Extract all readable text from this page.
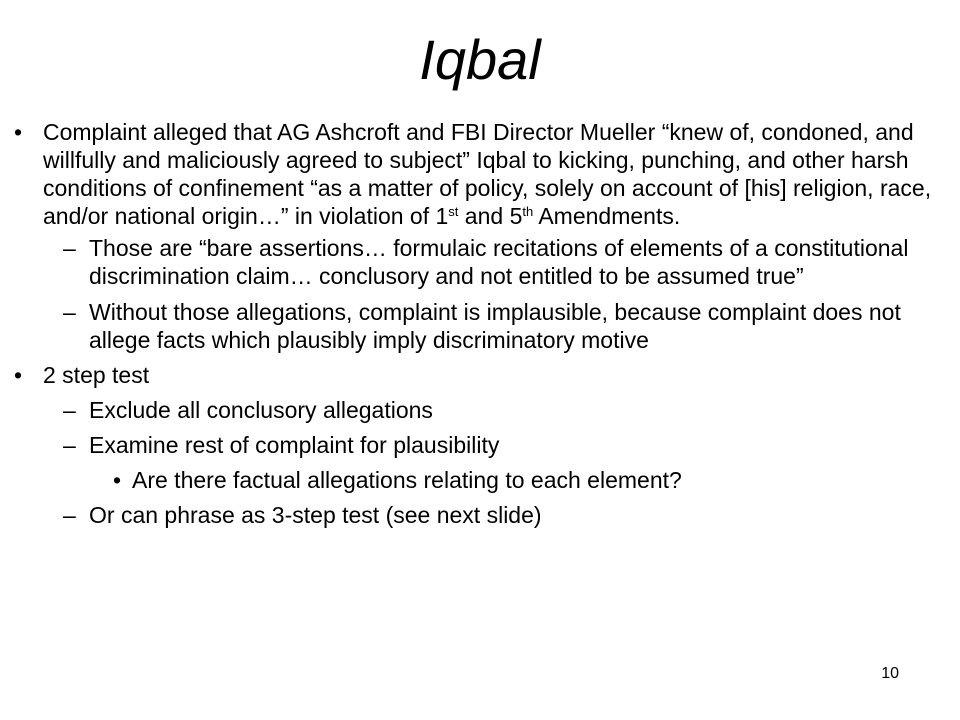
Iqbal
• Complaint alleged that AG Ashcroft and FBI Director Mueller “knew of, condoned, and willfully and maliciously agreed to subject” Iqbal to kicking, punching, and other harsh conditions of confinement “as a matter of policy, solely on account of [his] religion, race, and/or national origin…” in violation of 1st and 5th Amendments.
– Those are “bare assertions… formulaic recitations of elements of a constitutional discrimination claim… conclusory and not entitled to be assumed true”
– Without those allegations, complaint is implausible, because complaint does not allege facts which plausibly imply discriminatory motive
• 2 step test
– Exclude all conclusory allegations
– Examine rest of complaint for plausibility
• Are there factual allegations relating to each element?
– Or can phrase as 3-step test (see next slide)
10
